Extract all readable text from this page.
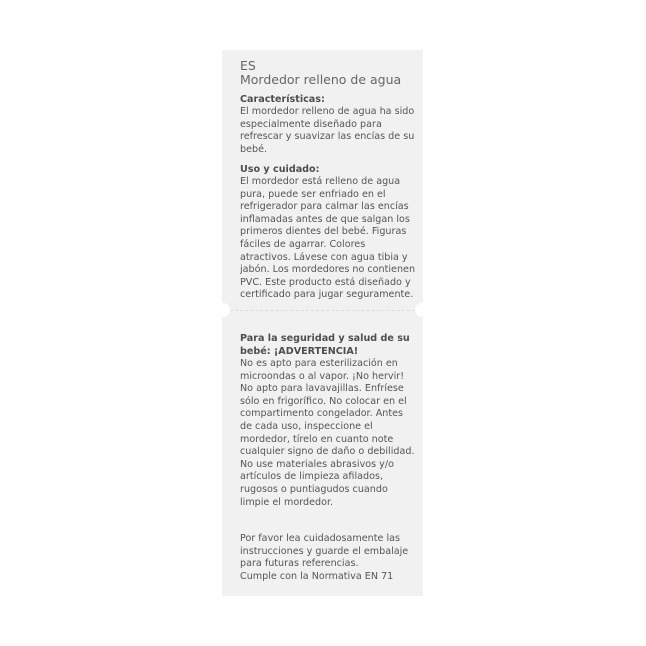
ES
Mordedor relleno de agua
Características:
El mordedor relleno de agua ha sido especialmente diseñado para refrescar y suavizar las encías de su bebé.
Uso y cuidado:
El mordedor está relleno de agua pura, puede ser enfriado en el refrigerador para calmar las encías inflamadas antes de que salgan los primeros dientes del bebé. Figuras fáciles de agarrar. Colores atractivos. Lávese con agua tibia y jabón. Los mordedores no contienen PVC. Este producto está diseñado y certificado para jugar seguramente.
Para la seguridad y salud de su bebé: ¡ADVERTENCIA!
No es apto para esterilización en microondas o al vapor. ¡No hervir! No apto para lavavajillas. Enfríese sólo en frigorífico. No colocar en el compartimento congelador. Antes de cada uso, inspeccione el mordedor, tírelo en cuanto note cualquier signo de daño o debilidad. No use materiales abrasivos y/o artículos de limpieza afilados, rugosos o puntiagudos cuando limpie el mordedor.
Por favor lea cuidadosamente las instrucciones y guarde el embalaje para futuras referencias.
Cumple con la Normativa EN 71
